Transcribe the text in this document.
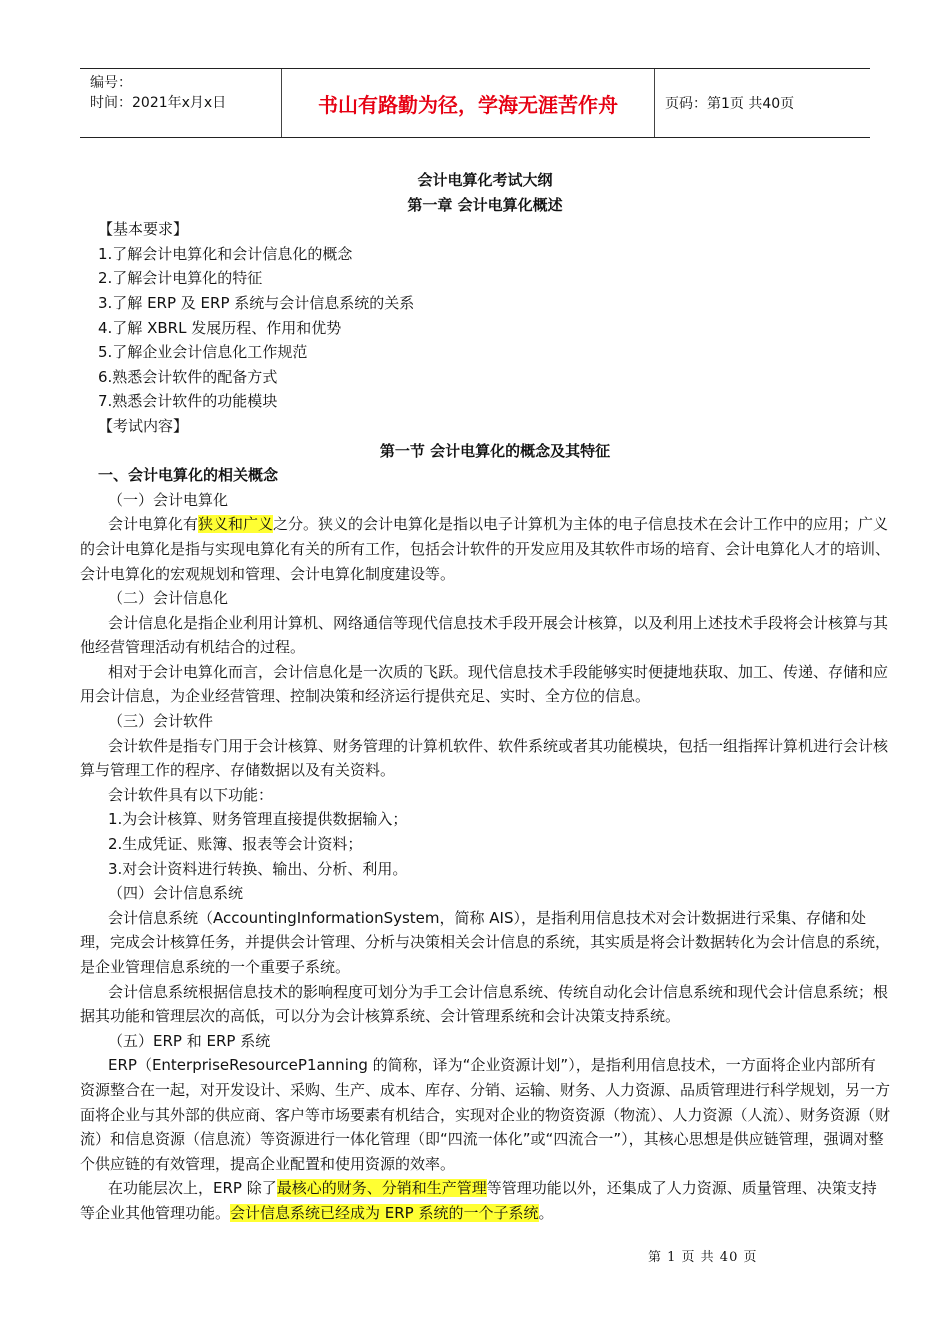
编号：
时间：2021年x月x日	书山有路勤为径，学海无涯苦作舟	页码：第1页 共40页
会计电算化考试大纲
第一章 会计电算化概述
【基本要求】
1.了解会计电算化和会计信息化的概念
2.了解会计电算化的特征
3.了解 ERP 及 ERP 系统与会计信息系统的关系
4.了解 XBRL 发展历程、作用和优势
5.了解企业会计信息化工作规范
6.熟悉会计软件的配备方式
7.熟悉会计软件的功能模块
【考试内容】
第一节 会计电算化的概念及其特征
一、会计电算化的相关概念
（一）会计电算化
会计电算化有狭义和广义之分。狭义的会计电算化是指以电子计算机为主体的电子信息技术在会计工作中的应用；广义的会计电算化是指与实现电算化有关的所有工作，包括会计软件的开发应用及其软件市场的培育、会计电算化人才的培训、会计电算化的宏观规划和管理、会计电算化制度建设等。
（二）会计信息化
会计信息化是指企业利用计算机、网络通信等现代信息技术手段开展会计核算，以及利用上述技术手段将会计核算与其他经营管理活动有机结合的过程。
相对于会计电算化而言，会计信息化是一次质的飞跃。现代信息技术手段能够实时便捷地获取、加工、传递、存储和应用会计信息，为企业经营管理、控制决策和经济运行提供充足、实时、全方位的信息。
（三）会计软件
会计软件是指专门用于会计核算、财务管理的计算机软件、软件系统或者其功能模块，包括一组指挥计算机进行会计核算与管理工作的程序、存储数据以及有关资料。
会计软件具有以下功能：
1.为会计核算、财务管理直接提供数据输入；
2.生成凭证、账簿、报表等会计资料；
3.对会计资料进行转换、输出、分析、利用。
（四）会计信息系统
会计信息系统（AccountingInformationSystem，简称 AIS），是指利用信息技术对会计数据进行采集、存储和处理，完成会计核算任务，并提供会计管理、分析与决策相关会计信息的系统，其实质是将会计数据转化为会计信息的系统，是企业管理信息系统的一个重要子系统。
会计信息系统根据信息技术的影响程度可划分为手工会计信息系统、传统自动化会计信息系统和现代会计信息系统；根据其功能和管理层次的高低，可以分为会计核算系统、会计管理系统和会计决策支持系统。
（五）ERP 和 ERP 系统
ERP（EnterpriseResourceP1anning 的简称，译为“企业资源计划”），是指利用信息技术，一方面将企业内部所有资源整合在一起，对开发设计、采购、生产、成本、库存、分销、运输、财务、人力资源、品质管理进行科学规划，另一方面将企业与其外部的供应商、客户等市场要素有机结合，实现对企业的物资资源（物流）、人力资源（人流）、财务资源（财流）和信息资源（信息流）等资源进行一体化管理（即“四流一体化”或“四流合一”），其核心思想是供应链管理，强调对整个供应链的有效管理，提高企业配置和使用资源的效率。
在功能层次上，ERP 除了最核心的财务、分销和生产管理等管理功能以外，还集成了人力资源、质量管理、决策支持等企业其他管理功能。会计信息系统已经成为 ERP 系统的一个子系统。
第 1 页 共 40 页
